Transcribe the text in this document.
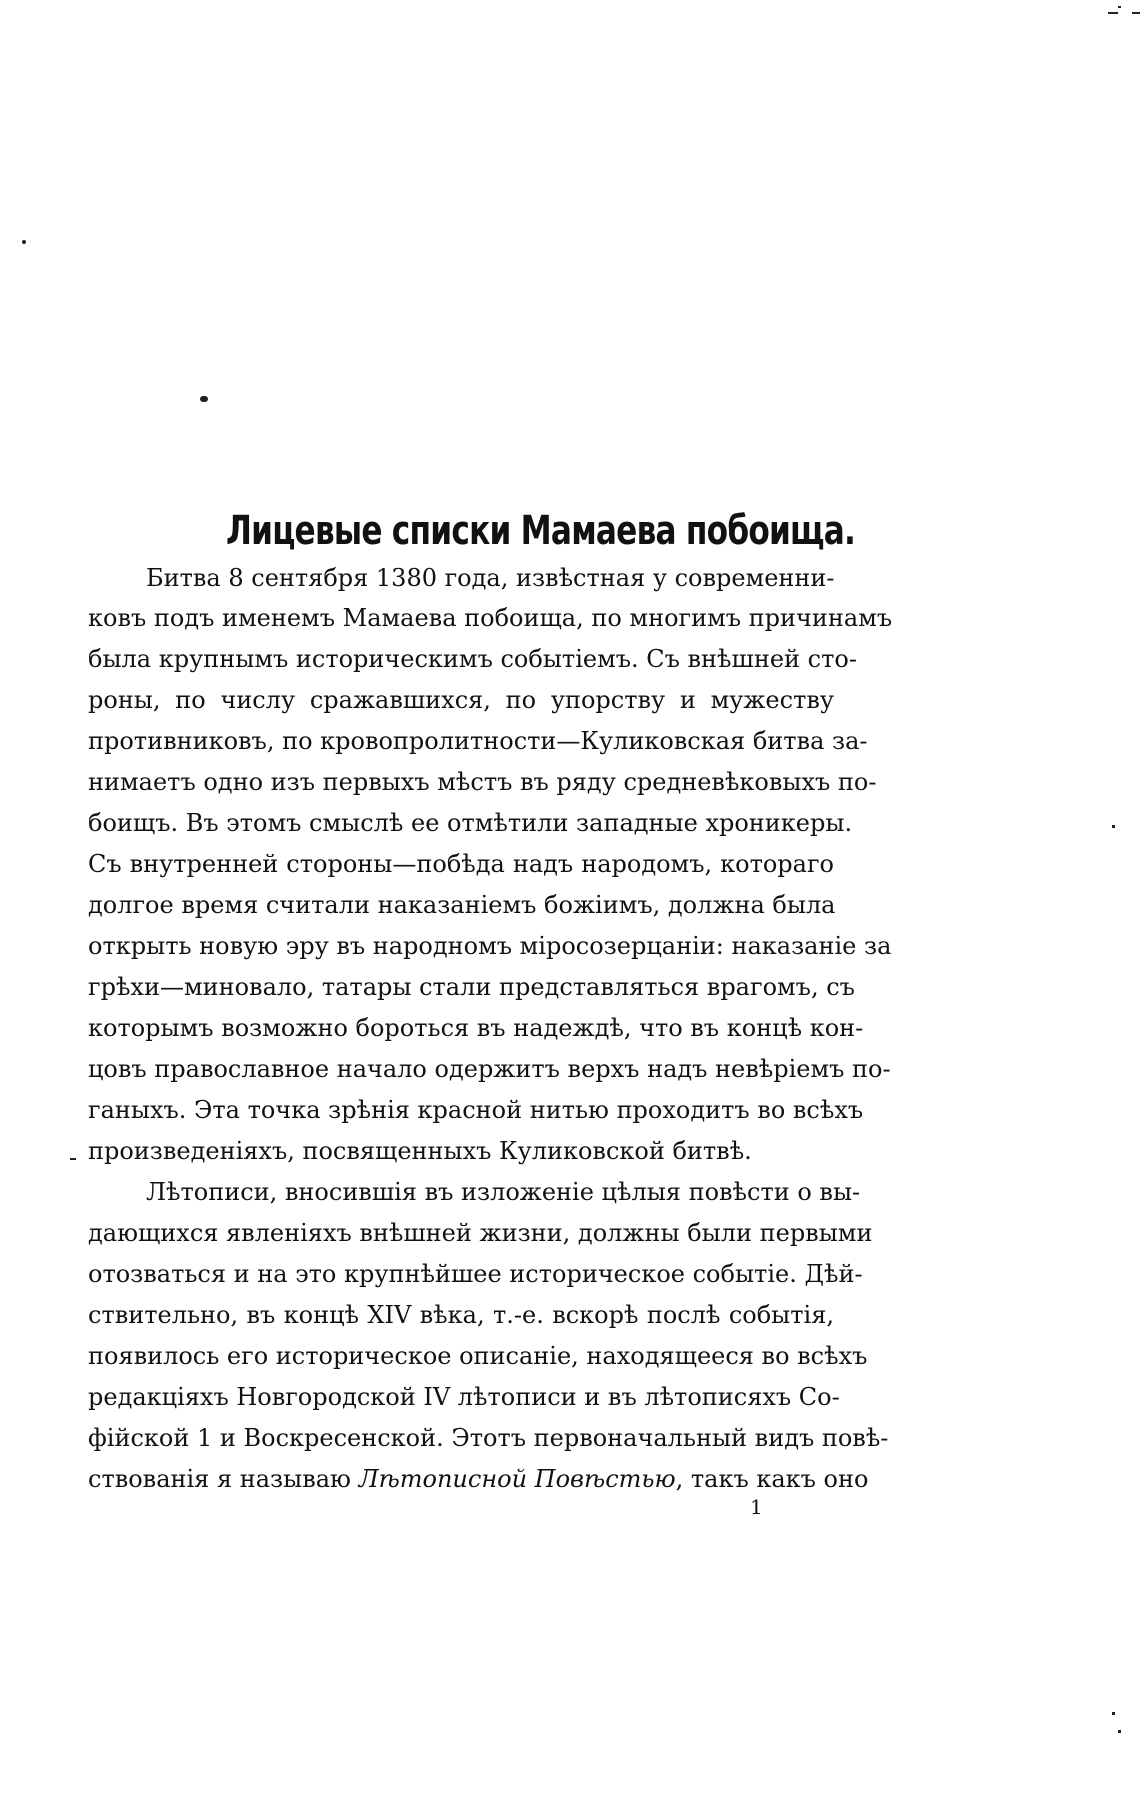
Лицевые списки Мамаева побоища.
Битва 8 сентября 1380 года, извѣстная у современни-
ковъ подъ именемъ Мамаева побоища, по многимъ причинамъ
была крупнымъ историческимъ событіемъ. Съ внѣшней сто-
роны, по числу сражавшихся, по упорству и мужеству
противниковъ, по кровопролитности—Куликовская битва за-
нимаетъ одно изъ первыхъ мѣстъ въ ряду средневѣковыхъ по-
боищъ. Въ этомъ смыслѣ ее отмѣтили западные хроникеры.
Съ внутренней стороны—побѣда надъ народомъ, котораго
долгое время считали наказаніемъ божіимъ, должна была
открыть новую эру въ народномъ міросозерцаніи: наказаніе за
грѣхи—миновало, татары стали представляться врагомъ, съ
которымъ возможно бороться въ надеждѣ, что въ концѣ кон-
цовъ православное начало одержитъ верхъ надъ невѣріемъ по-
ганыхъ. Эта точка зрѣнія красной нитью проходитъ во всѣхъ
произведеніяхъ, посвященныхъ Куликовской битвѣ.
Лѣтописи, вносившія въ изложеніе цѣлыя повѣсти о вы-
дающихся явленіяхъ внѣшней жизни, должны были первыми
отозваться и на это крупнѣйшее историческое событіе. Дѣй-
ствительно, въ концѣ XIV вѣка, т.-е. вскорѣ послѣ событія,
появилось его историческое описаніе, находящееся во всѣхъ
редакціяхъ Новгородской IV лѣтописи и въ лѣтописяхъ Со-
фійской 1 и Воскресенской. Этотъ первоначальный видъ повѣ-
ствованія я называю Лѣтописной Повѣстью, такъ какъ оно
1
